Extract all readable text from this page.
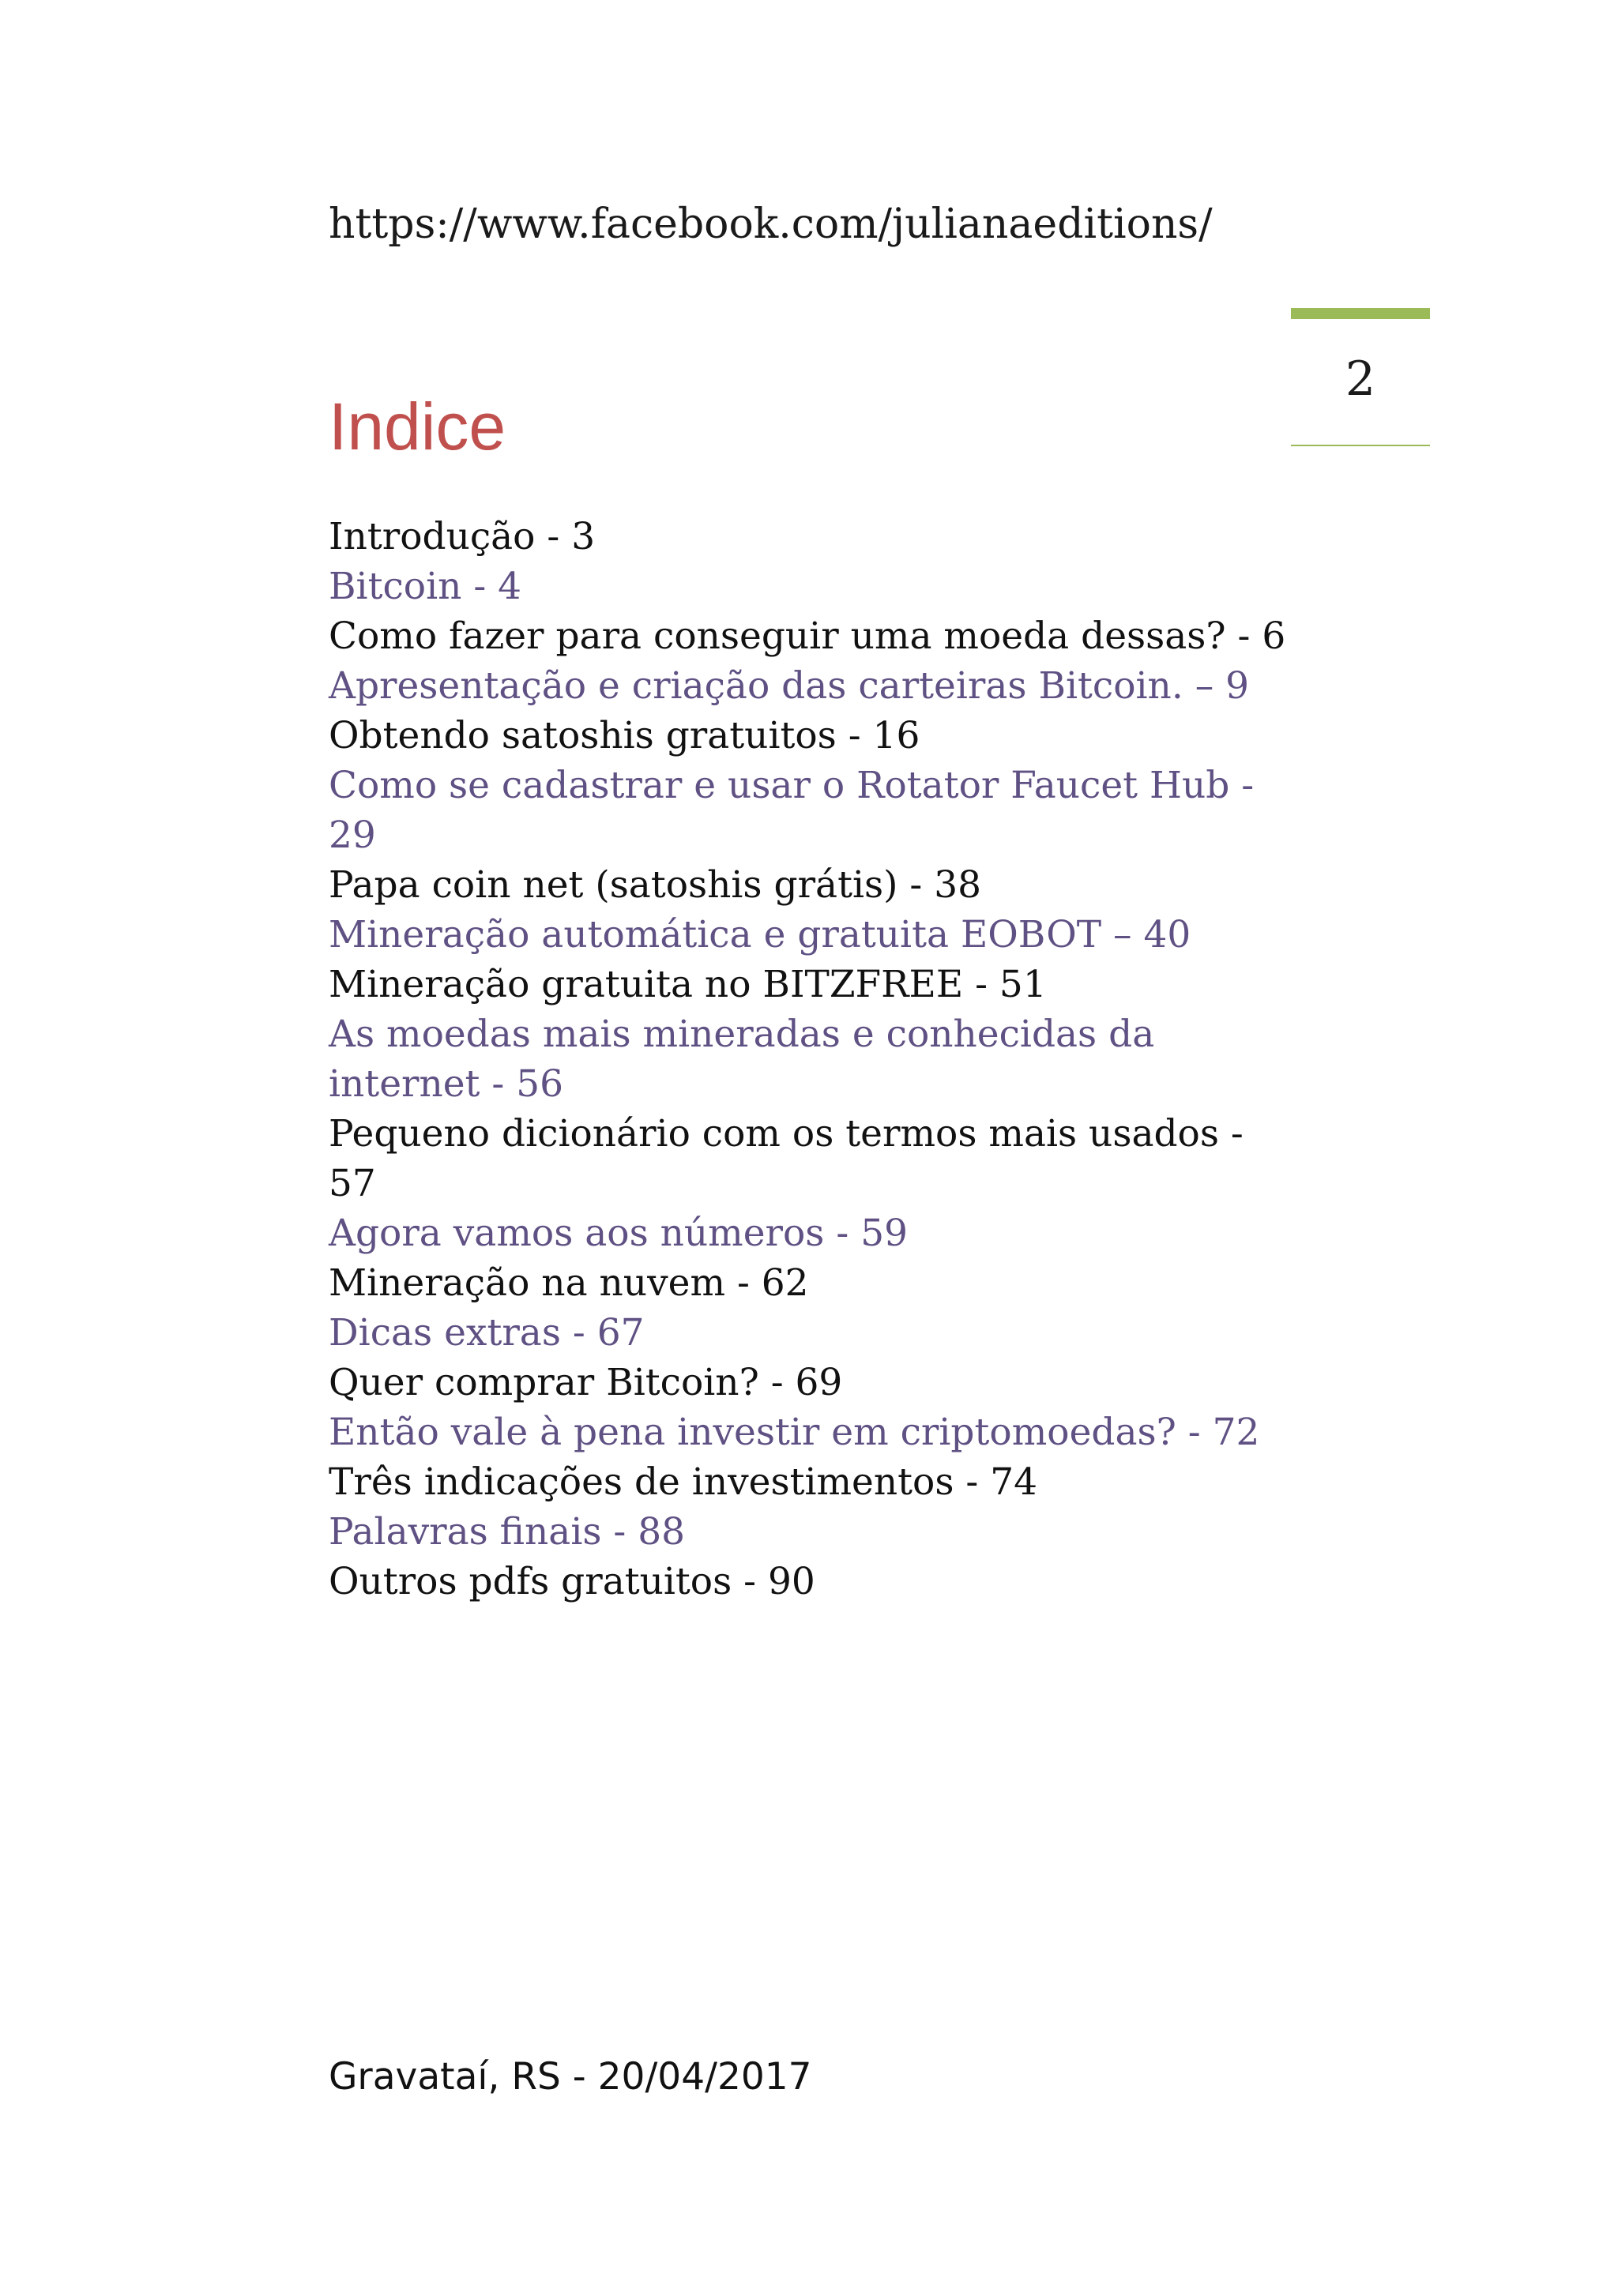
https://www.facebook.com/julianaeditions/
2
Indice
Introdução - 3
Bitcoin - 4
Como fazer para conseguir uma moeda dessas? - 6
Apresentação e criação das carteiras Bitcoin. – 9
Obtendo satoshis gratuitos - 16
Como se cadastrar e usar o Rotator Faucet Hub - 29
Papa coin net (satoshis grátis) - 38
Mineração automática e gratuita EOBOT – 40
Mineração gratuita no BITZFREE - 51
As moedas mais mineradas e conhecidas da internet - 56
Pequeno dicionário com os termos mais usados - 57
Agora vamos aos números - 59
Mineração na nuvem - 62
Dicas extras - 67
Quer comprar Bitcoin? - 69
Então vale à pena investir em criptomoedas? - 72
Três indicações de investimentos - 74
Palavras finais - 88
Outros pdfs gratuitos - 90
Gravataí, RS - 20/04/2017
